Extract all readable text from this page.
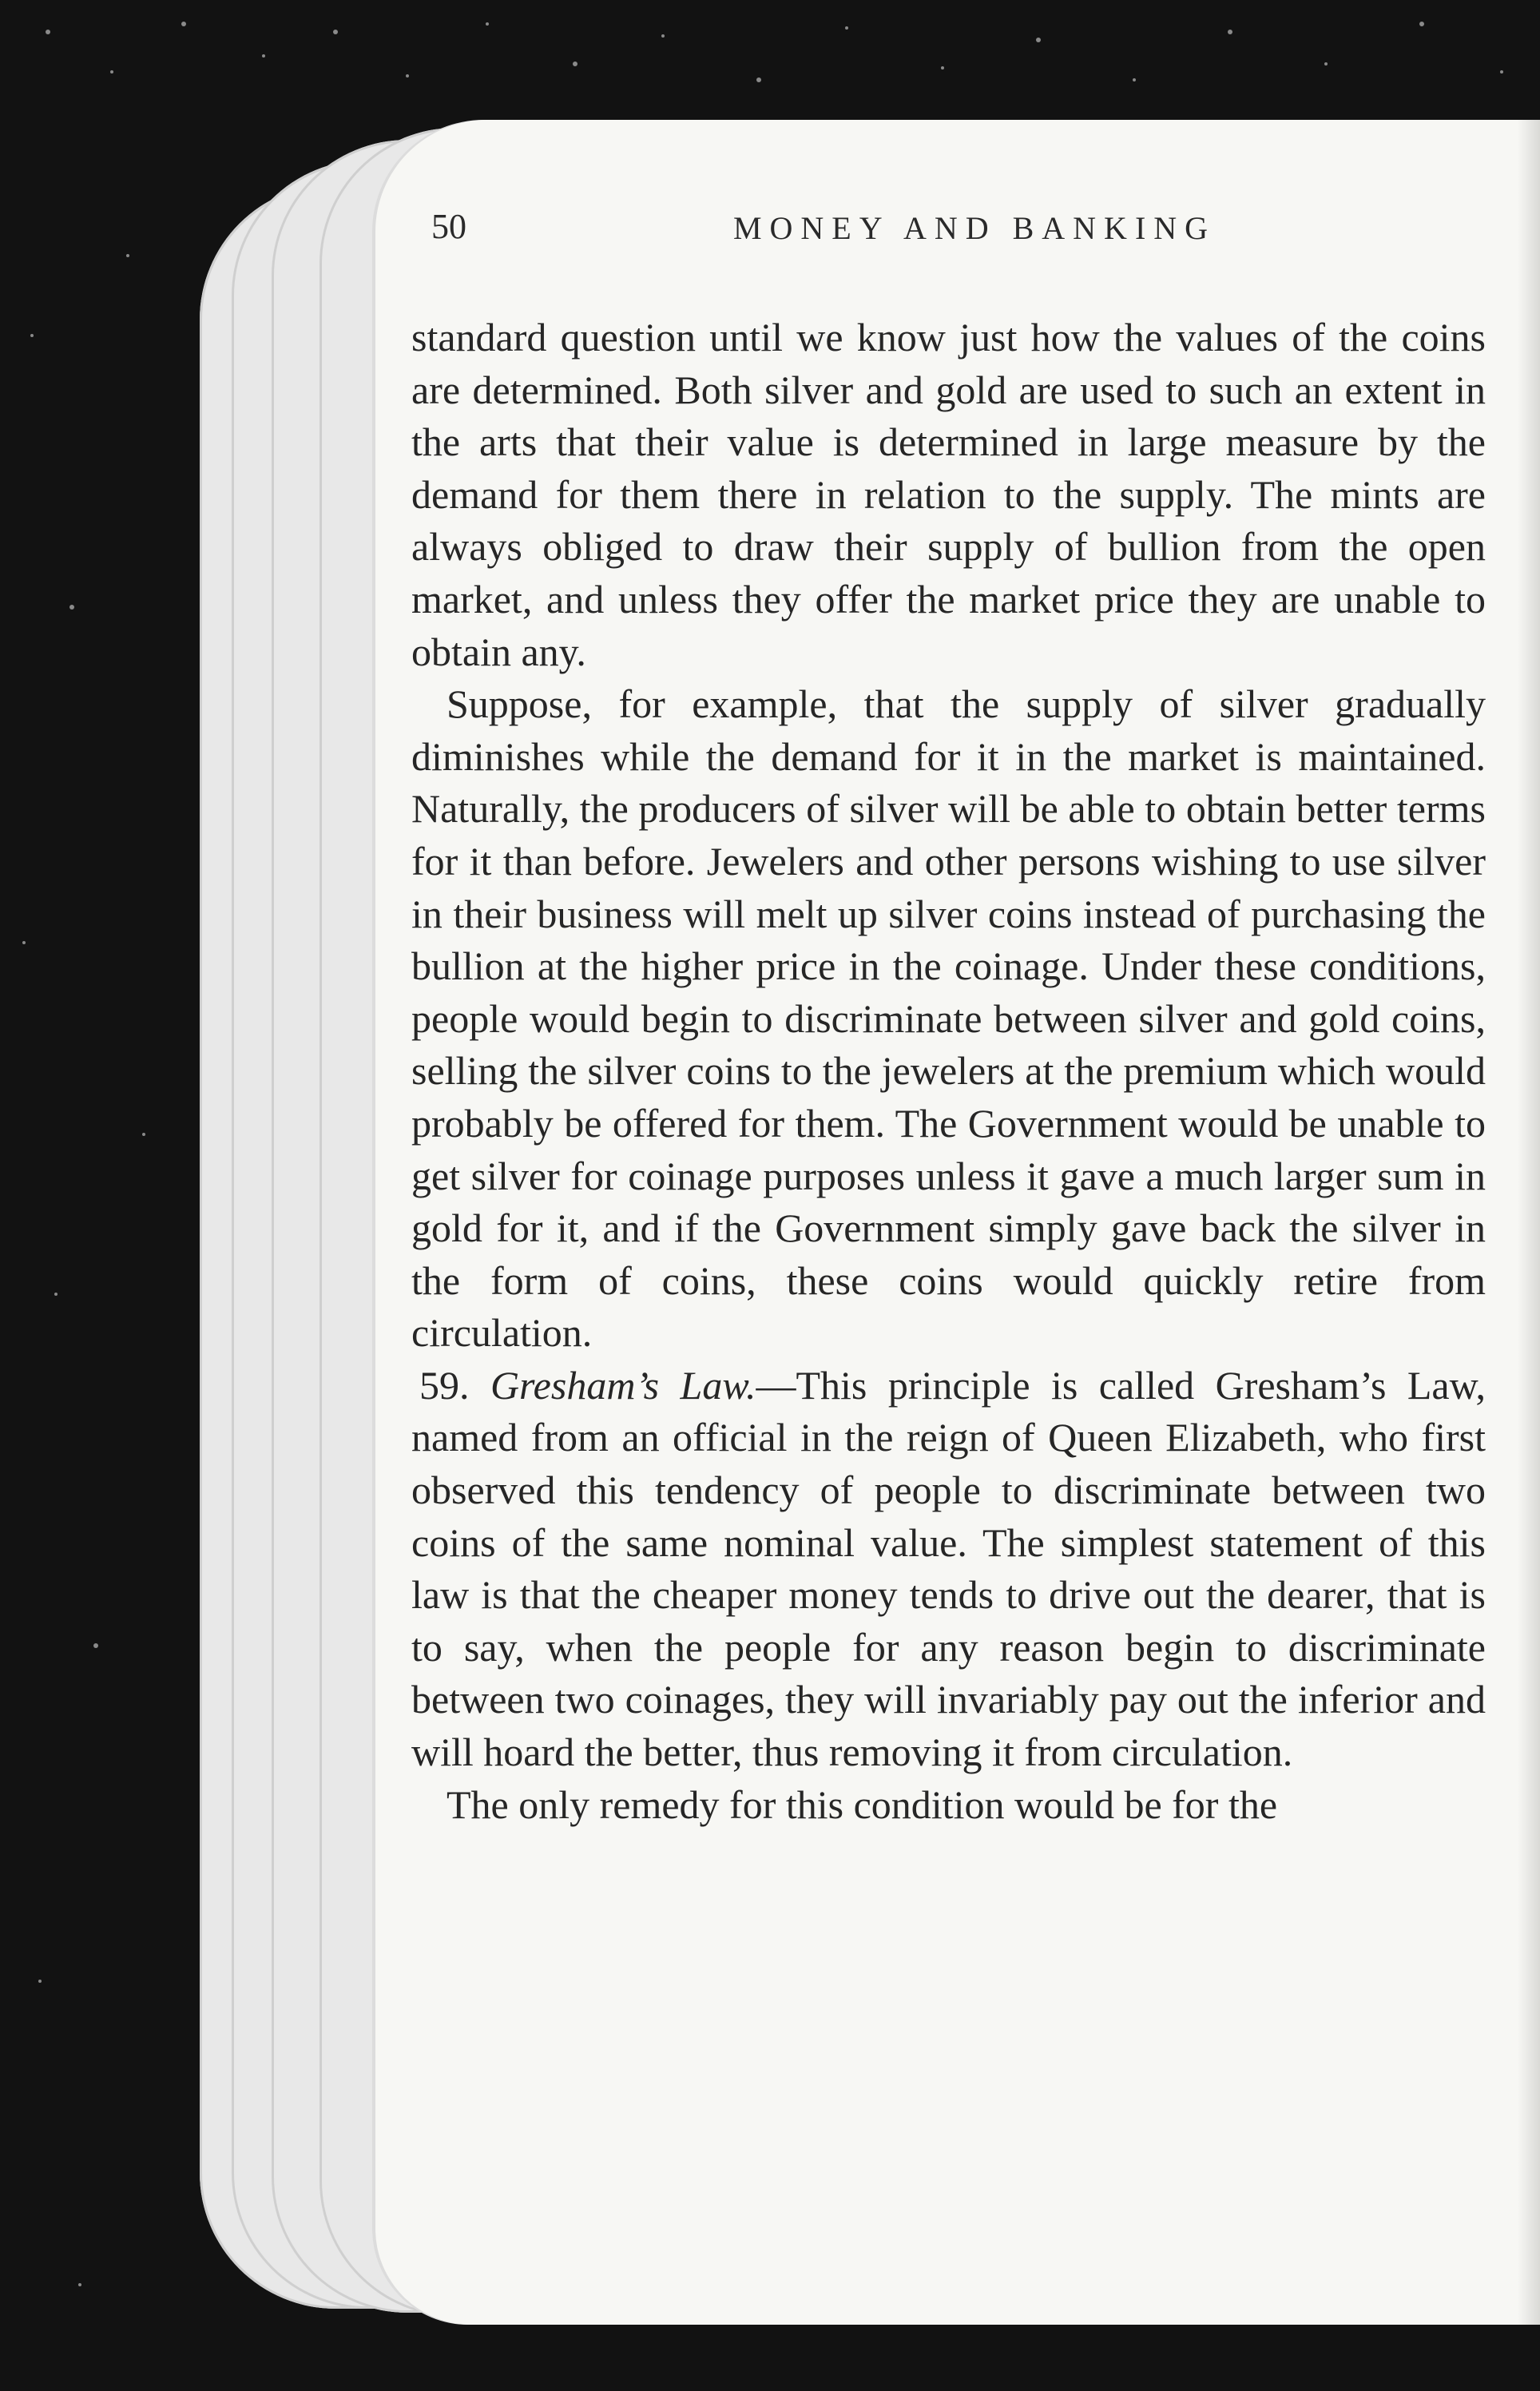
50	MONEY AND BANKING

standard question until we know just how the values of the coins are determined. Both silver and gold are used to such an extent in the arts that their value is determined in large measure by the demand for them there in relation to the supply. The mints are always obliged to draw their supply of bullion from the open market, and unless they offer the market price they are unable to obtain any.

Suppose, for example, that the supply of silver gradually diminishes while the demand for it in the market is maintained. Naturally, the producers of silver will be able to obtain better terms for it than before. Jewelers and other persons wishing to use silver in their business will melt up silver coins instead of purchasing the bullion at the higher price in the coinage. Under these conditions, people would begin to discriminate between silver and gold coins, selling the silver coins to the jewelers at the premium which would probably be offered for them. The Government would be unable to get silver for coinage purposes unless it gave a much larger sum in gold for it, and if the Government simply gave back the silver in the form of coins, these coins would quickly retire from circulation.

59. Gresham’s Law.—This principle is called Gresham’s Law, named from an official in the reign of Queen Elizabeth, who first observed this tendency of people to discriminate between two coins of the same nominal value. The simplest statement of this law is that the cheaper money tends to drive out the dearer, that is to say, when the people for any reason begin to discriminate between two coinages, they will invariably pay out the inferior and will hoard the better, thus removing it from circulation.

The only remedy for this condition would be for the
